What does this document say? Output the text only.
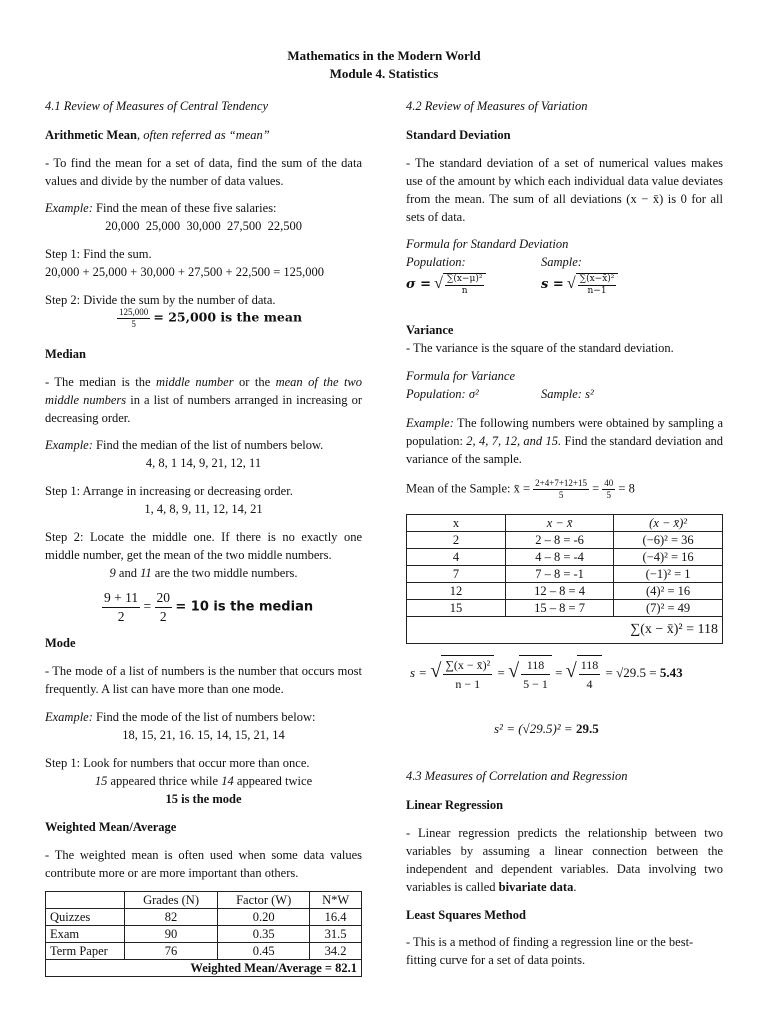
Mathematics in the Modern World
Module 4. Statistics
4.1 Review of Measures of Central Tendency
Arithmetic Mean, often referred as “mean”
- To find the mean for a set of data, find the sum of the data values and divide by the number of data values.
Example: Find the mean of these five salaries:
20,000  25,000  30,000  27,500  22,500
Step 1: Find the sum.
20,000 + 25,000 + 30,000 + 27,500 + 22,500 = 125,000
Step 2: Divide the sum by the number of data.
$\frac{125,000}{5} = 25,000$ is the mean
Median
- The median is the middle number or the mean of the two middle numbers in a list of numbers arranged in increasing or decreasing order.
Example: Find the median of the list of numbers below.
4, 8, 1 14, 9, 21, 12, 11
Step 1: Arrange in increasing or decreasing order.
1, 4, 8, 9, 11, 12, 14, 21
Step 2: Locate the middle one. If there is no exactly one middle number, get the mean of the two middle numbers.
9 and 11 are the two middle numbers.
$\frac{9 + 11}{2} = \frac{20}{2} = 10$ is the median
Mode
- The mode of a list of numbers is the number that occurs most frequently. A list can have more than one mode.
Example: Find the mode of the list of numbers below:
18, 15, 21, 16. 15, 14, 15, 21, 14
Step 1: Look for numbers that occur more than once.
15 appeared thrice while 14 appeared twice
15 is the mode
Weighted Mean/Average
- The weighted mean is often used when some data values contribute more or are more important than others.
	Grades (N)	Factor (W)	N*W
Quizzes	82	0.20	16.4
Exam	90	0.35	31.5
Term Paper	76	0.45	34.2
Weighted Mean/Average = 82.1			
4.2 Review of Measures of Variation
Standard Deviation
- The standard deviation of a set of numerical values makes use of the amount by which each individual data value deviates from the mean. The sum of all deviations (x − x̄) is 0 for all sets of data.
Formula for Standard Deviation
Population:	Sample:
σ = √ $\frac{\text{∑(x−μ)²}}{n}$	s = √ $\frac{\text{∑(x−x̄)²}}{n-1}$
Variance
- The variance is the square of the standard deviation.
Formula for Variance
Population: σ²	Sample: s²
Example: The following numbers were obtained by sampling a population: 2, 4, 7, 12, and 15. Find the standard deviation and variance of the sample.
Mean of the Sample: x̄ = $\frac{2+4+7+12+15}{5} = \frac{40}{5} = 8$
x	x − x̄	(x − x̄)²
2	2 – 8 = -6	(−6)² = 36
4	4 – 8 = -4	(−4)² = 16
7	7 – 8 = -1	(−1)² = 1
12	12 – 8 = 4	(4)² = 16
15	15 – 8 = 7	(7)² = 49
∑(x − x̄)² = 118		
s = √ $\frac{\text{∑(x − x̄)²}}{n - 1}$ = √ $\frac{118}{5 - 1}$ = √ $\frac{118}{4} = √29.5 = 5.43$
s² = (√29.5)² = 29.5
4.3 Measures of Correlation and Regression
Linear Regression
- Linear regression predicts the relationship between two variables by assuming a linear connection between the independent and dependent variables. Data involving two variables is called bivariate data.
Least Squares Method
- This is a method of finding a regression line or the best-fitting curve for a set of data points.
